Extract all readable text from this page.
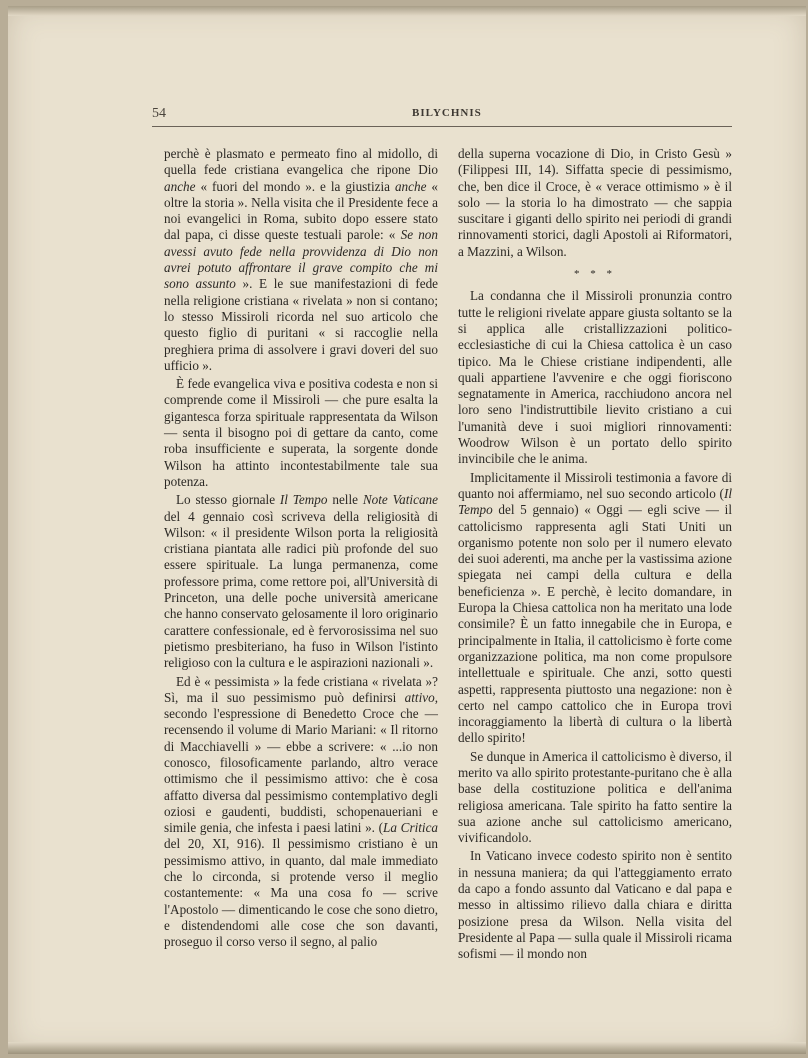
54	BILYCHNIS

perchè è plasmato e permeato fino al midollo, di quella fede cristiana evangelica che ripone Dio anche « fuori del mondo ». e la giustizia anche « oltre la storia ». Nella visita che il Presidente fece a noi evangelici in Roma, subito dopo essere stato dal papa, ci disse queste testuali parole: « Se non avessi avuto fede nella provvidenza di Dio non avrei potuto affrontare il grave compito che mi sono assunto ». E le sue manifestazioni di fede nella religione cristiana « rivelata » non si contano; lo stesso Missiroli ricorda nel suo articolo che questo figlio di puritani « si raccoglie nella preghiera prima di assolvere i gravi doveri del suo ufficio ».

È fede evangelica viva e positiva codesta e non si comprende come il Missiroli — che pure esalta la gigantesca forza spirituale rappresentata da Wilson — senta il bisogno poi di gettare da canto, come roba insufficiente e superata, la sorgente donde Wilson ha attinto incontestabilmente tale sua potenza.

Lo stesso giornale Il Tempo nelle Note Vaticane del 4 gennaio così scriveva della religiosità di Wilson: « il presidente Wilson porta la religiosità cristiana piantata alle radici più profonde del suo essere spirituale. La lunga permanenza, come professore prima, come rettore poi, all'Università di Princeton, una delle poche università americane che hanno conservato gelosamente il loro originario carattere confessionale, ed è fervorosissima nel suo pietismo presbiteriano, ha fuso in Wilson l'istinto religioso con la cultura e le aspirazioni nazionali ».

Ed è « pessimista » la fede cristiana « rivelata »? Sì, ma il suo pessimismo può definirsi attivo, secondo l'espressione di Benedetto Croce che — recensendo il volume di Mario Mariani: « Il ritorno di Macchiavelli » — ebbe a scrivere: « ...io non conosco, filosoficamente parlando, altro verace ottimismo che il pessimismo attivo: che è cosa affatto diversa dal pessimismo contemplativo degli oziosi e gaudenti, buddisti, schopenaueriani e simile genia, che infesta i paesi latini ». (La Critica del 20, XI, 916). Il pessimismo cristiano è un pessimismo attivo, in quanto, dal male immediato che lo circonda, si protende verso il meglio costantemente: « Ma una cosa fo — scrive l'Apostolo — dimenticando le cose che sono dietro, e distendendomi alle cose che son davanti, proseguo il corso verso il segno, al palio

della superna vocazione di Dio, in Cristo Gesù » (Filippesi III, 14). Siffatta specie di pessimismo, che, ben dice il Croce, è « verace ottimismo » è il solo — la storia lo ha dimostrato — che sappia suscitare i giganti dello spirito nei periodi di grandi rinnovamenti storici, dagli Apostoli ai Riformatori, a Mazzini, a Wilson.

* * *

La condanna che il Missiroli pronunzia contro tutte le religioni rivelate appare giusta soltanto se la si applica alle cristallizzazioni politico-ecclesiastiche di cui la Chiesa cattolica è un caso tipico. Ma le Chiese cristiane indipendenti, alle quali appartiene l'avvenire e che oggi fioriscono segnatamente in America, racchiudono ancora nel loro seno l'indistruttibile lievito cristiano a cui l'umanità deve i suoi migliori rinnovamenti: Woodrow Wilson è un portato dello spirito invincibile che le anima.

Implicitamente il Missiroli testimonia a favore di quanto noi affermiamo, nel suo secondo articolo (Il Tempo del 5 gennaio) « Oggi — egli scive — il cattolicismo rappresenta agli Stati Uniti un organismo potente non solo per il numero elevato dei suoi aderenti, ma anche per la vastissima azione spiegata nei campi della cultura e della beneficienza ». E perchè, è lecito domandare, in Europa la Chiesa cattolica non ha meritato una lode consimile? È un fatto innegabile che in Europa, e principalmente in Italia, il cattolicismo è forte come organizzazione politica, ma non come propulsore intellettuale e spirituale. Che anzi, sotto questi aspetti, rappresenta piuttosto una negazione: non è certo nel campo cattolico che in Europa trovi incoraggiamento la libertà di cultura o la libertà dello spirito!

Se dunque in America il cattolicismo è diverso, il merito va allo spirito protestante-puritano che è alla base della costituzione politica e dell'anima religiosa americana. Tale spirito ha fatto sentire la sua azione anche sul cattolicismo americano, vivificandolo.

In Vaticano invece codesto spirito non è sentito in nessuna maniera; da qui l'atteggiamento errato da capo a fondo assunto dal Vaticano e dal papa e messo in altissimo rilievo dalla chiara e diritta posizione presa da Wilson. Nella visita del Presidente al Papa — sulla quale il Missiroli ricama sofismi — il mondo non
